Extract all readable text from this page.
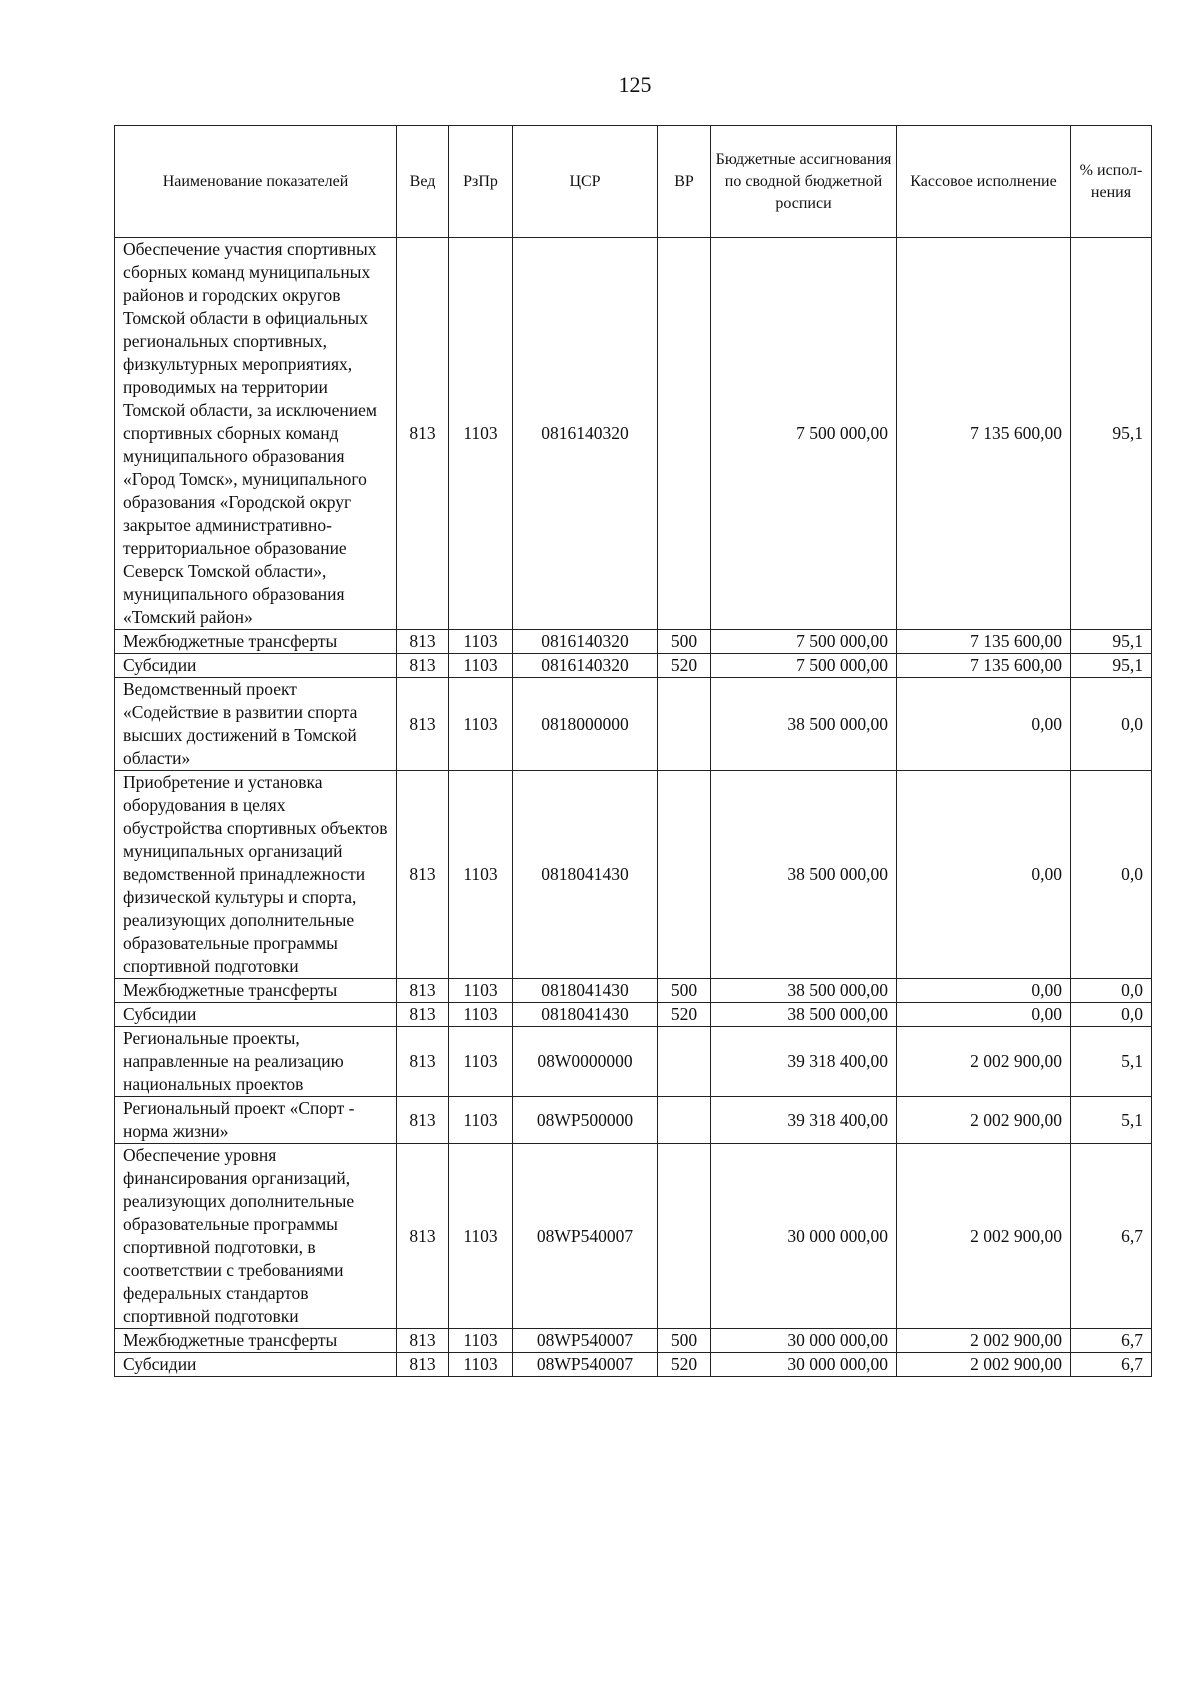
125
Наименование показателей	Вед	РзПр	ЦСР	ВР	Бюджетные ассигнования по сводной бюджетной росписи	Кассовое исполнение	% испол-нения
Обеспечение участия спортивных сборных команд муниципальных районов и городских округов Томской области в официальных региональных спортивных, физкультурных мероприятиях, проводимых на территории Томской области, за исключением спортивных сборных команд муниципального образования «Город Томск», муниципального образования «Городской округ закрытое административно-территориальное образование Северск Томской области», муниципального образования «Томский район»	813	1103	0816140320		7 500 000,00	7 135 600,00	95,1
Межбюджетные трансферты	813	1103	0816140320	500	7 500 000,00	7 135 600,00	95,1
Субсидии	813	1103	0816140320	520	7 500 000,00	7 135 600,00	95,1
Ведомственный проект «Содействие в развитии спорта высших достижений в Томской области»	813	1103	0818000000		38 500 000,00	0,00	0,0
Приобретение и установка оборудования в целях обустройства спортивных объектов муниципальных организаций ведомственной принадлежности физической культуры и спорта, реализующих дополнительные образовательные программы спортивной подготовки	813	1103	0818041430		38 500 000,00	0,00	0,0
Межбюджетные трансферты	813	1103	0818041430	500	38 500 000,00	0,00	0,0
Субсидии	813	1103	0818041430	520	38 500 000,00	0,00	0,0
Региональные проекты, направленные на реализацию национальных проектов	813	1103	08W0000000		39 318 400,00	2 002 900,00	5,1
Региональный проект «Спорт - норма жизни»	813	1103	08WP500000		39 318 400,00	2 002 900,00	5,1
Обеспечение уровня финансирования организаций, реализующих дополнительные образовательные программы спортивной подготовки, в соответствии с требованиями федеральных стандартов спортивной подготовки	813	1103	08WP540007		30 000 000,00	2 002 900,00	6,7
Межбюджетные трансферты	813	1103	08WP540007	500	30 000 000,00	2 002 900,00	6,7
Субсидии	813	1103	08WP540007	520	30 000 000,00	2 002 900,00	6,7
